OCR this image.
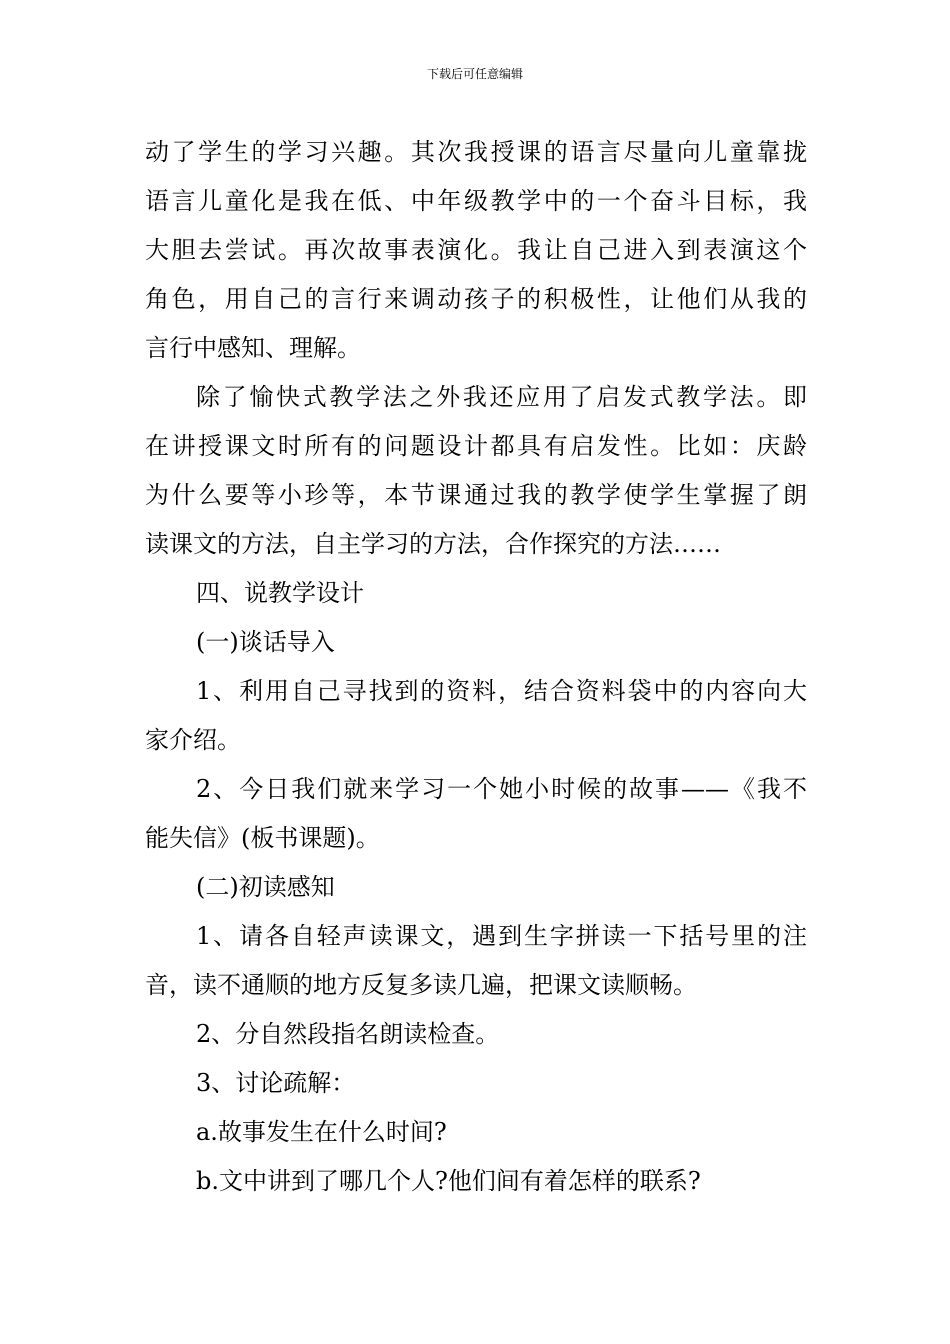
下载后可任意编辑
动了学生的学习兴趣。其次我授课的语言尽量向儿童靠拢
语言儿童化是我在低、中年级教学中的一个奋斗目标，我
大胆去尝试。再次故事表演化。我让自己进入到表演这个
角色，用自己的言行来调动孩子的积极性，让他们从我的
言行中感知、理解。
除了愉快式教学法之外我还应用了启发式教学法。即
在讲授课文时所有的问题设计都具有启发性。比如：庆龄
为什么要等小珍等，本节课通过我的教学使学生掌握了朗
读课文的方法，自主学习的方法，合作探究的方法……
四、说教学设计
(一)谈话导入
1、利用自己寻找到的资料，结合资料袋中的内容向大
家介绍。
2、今日我们就来学习一个她小时候的故事——《我不
能失信》(板书课题)。
(二)初读感知
1、请各自轻声读课文，遇到生字拼读一下括号里的注
音，读不通顺的地方反复多读几遍，把课文读顺畅。
2、分自然段指名朗读检查。
3、讨论疏解：
a.故事发生在什么时间?
b.文中讲到了哪几个人?他们间有着怎样的联系?
